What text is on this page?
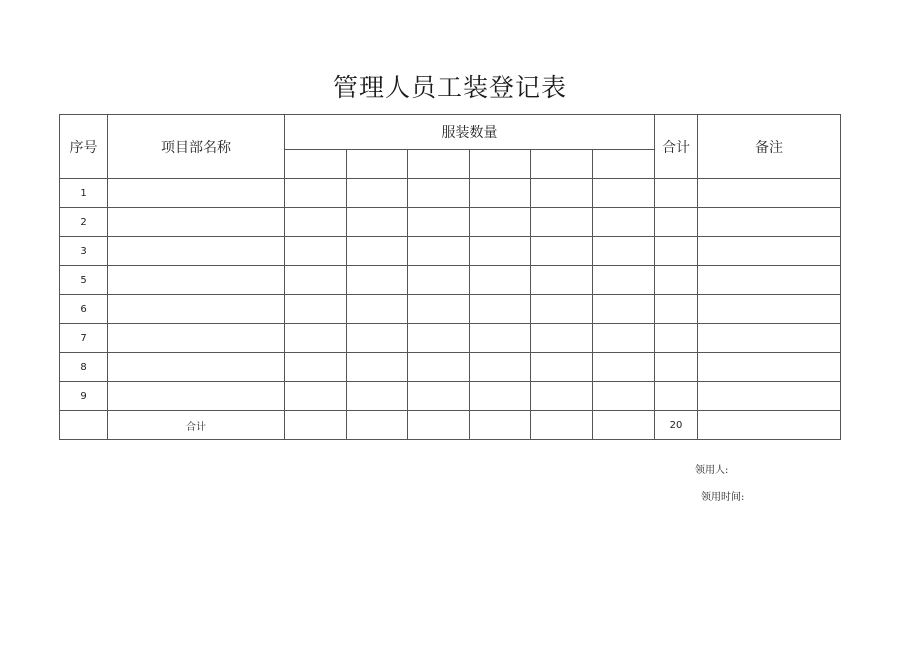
管理人员工装登记表
序号	项目部名称	服装数量						合计	备注

1									
2									
3									
5									
6									
7									
8									
9									
	合计							20	
领用人:
领用时间:
